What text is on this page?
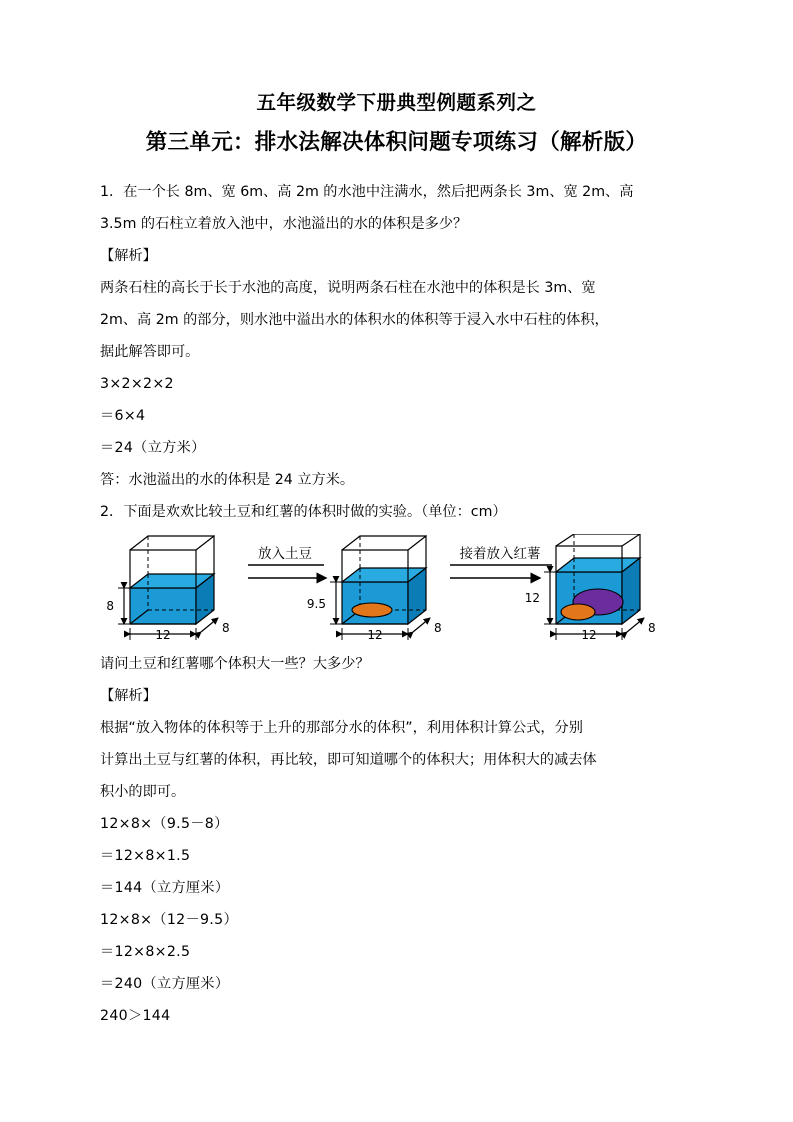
五年级数学下册典型例题系列之
第三单元：排水法解决体积问题专项练习（解析版）
1．在一个长 8m、宽 6m、高 2m 的水池中注满水，然后把两条长 3m、宽 2m、高
3.5m 的石柱立着放入池中，水池溢出的水的体积是多少？
【解析】
两条石柱的高长于长于水池的高度，说明两条石柱在水池中的体积是长 3m、宽
2m、高 2m 的部分，则水池中溢出水的体积水的体积等于浸入水中石柱的体积，
据此解答即可。
3×2×2×2
＝6×4
＝24（立方米）
答：水池溢出的水的体积是 24 立方米。
2．下面是欢欢比较土豆和红薯的体积时做的实验。（单位：cm）
8
12	8
放入土豆
9.5
12	8
接着放入红薯
12
12	8
请问土豆和红薯哪个体积大一些？大多少？
【解析】
根据“放入物体的体积等于上升的那部分水的体积”，利用体积计算公式，分别
计算出土豆与红薯的体积，再比较，即可知道哪个的体积大；用体积大的减去体
积小的即可。
12×8×（9.5－8）
＝12×8×1.5
＝144（立方厘米）
12×8×（12－9.5）
＝12×8×2.5
＝240（立方厘米）
240＞144
